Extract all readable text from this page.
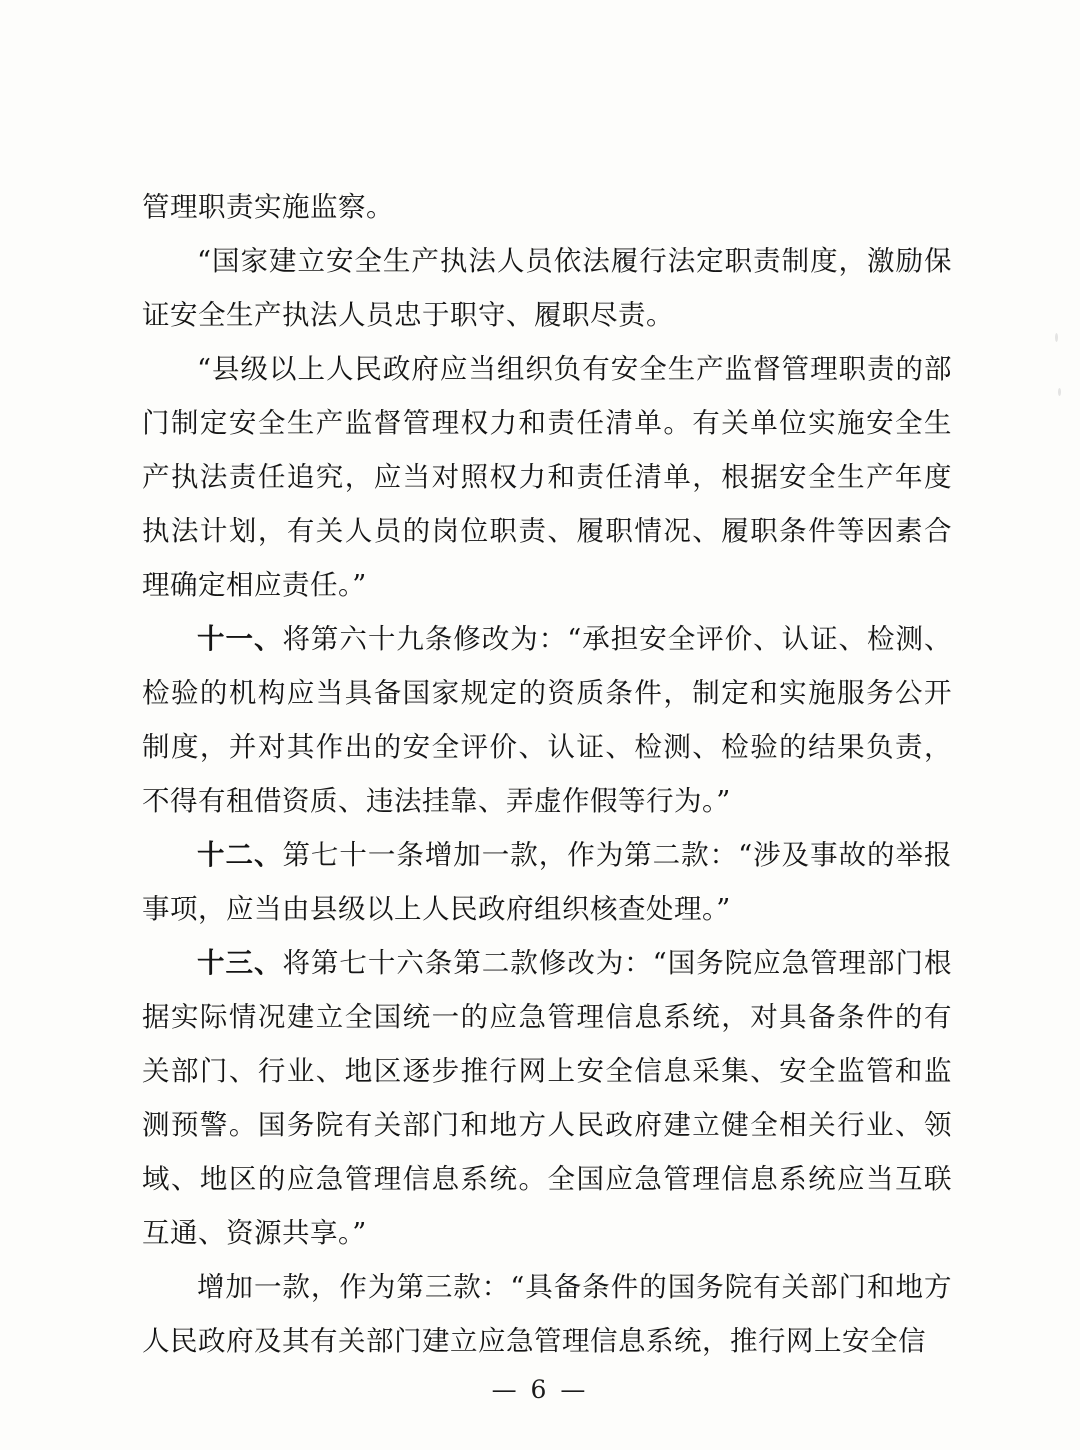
管理职责实施监察。

“国家建立安全生产执法人员依法履行法定职责制度，激励保证安全生产执法人员忠于职守、履职尽责。

“县级以上人民政府应当组织负有安全生产监督管理职责的部门制定安全生产监督管理权力和责任清单。有关单位实施安全生产执法责任追究，应当对照权力和责任清单，根据安全生产年度执法计划，有关人员的岗位职责、履职情况、履职条件等因素合理确定相应责任。”

十一、将第六十九条修改为：“承担安全评价、认证、检测、检验的机构应当具备国家规定的资质条件，制定和实施服务公开制度，并对其作出的安全评价、认证、检测、检验的结果负责，不得有租借资质、违法挂靠、弄虚作假等行为。”

十二、第七十一条增加一款，作为第二款：“涉及事故的举报事项，应当由县级以上人民政府组织核查处理。”

十三、将第七十六条第二款修改为：“国务院应急管理部门根据实际情况建立全国统一的应急管理信息系统，对具备条件的有关部门、行业、地区逐步推行网上安全信息采集、安全监管和监测预警。国务院有关部门和地方人民政府建立健全相关行业、领域、地区的应急管理信息系统。全国应急管理信息系统应当互联互通、资源共享。”

增加一款，作为第三款：“具备条件的国务院有关部门和地方人民政府及其有关部门建立应急管理信息系统，推行网上安全信

— 6 —
